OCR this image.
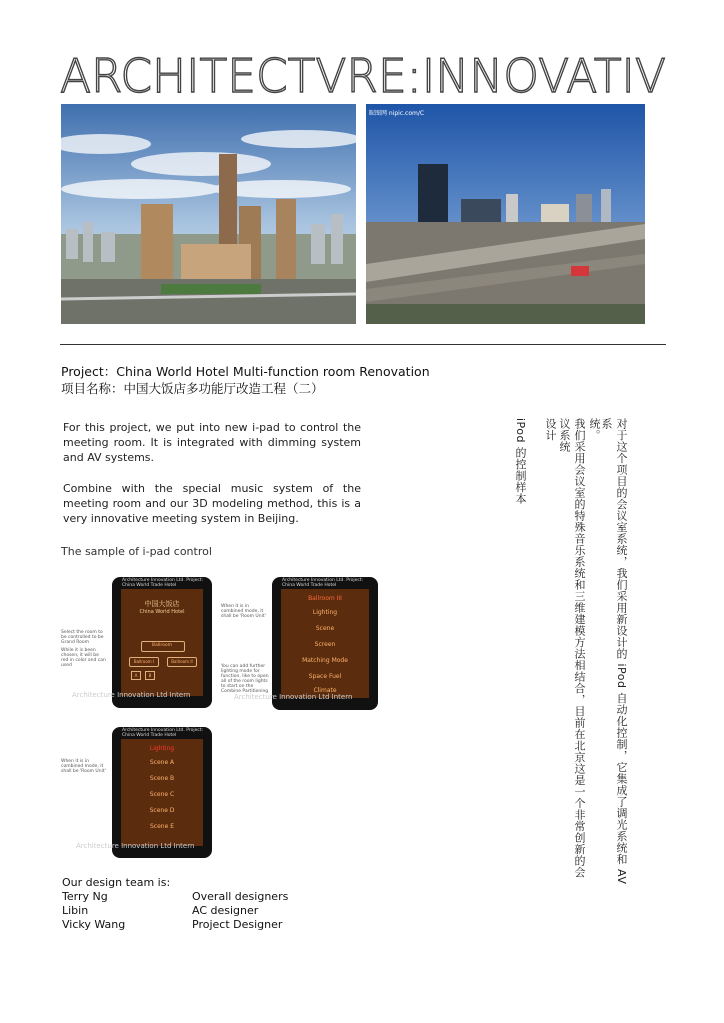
ARCHITECTVRE:INNOVATIV
昵图网 nipic.com/C
Project：China World Hotel Multi-function room Renovation
项目名称：中国大饭店多功能厅改造工程（二）
For this project, we put into new i-pad to control the meeting room. It is integrated with dimming system and AV systems.
Combine with the special music system of the meeting room and our 3D modeling method, this is a very innovative meeting system in Beijing.
The sample of i-pad control
中国大饭店
China World Hotel
Ballroom
Ballroom I	Ballroom II
A	B
Architecture Innovation Ltd. Project: China World Trade Hotel
Select the room to be controlled to be Grand Room
While it is been chosen, it will be red in color and can used
Architecture Innovation Ltd Intern
Ballroom III
Lighting
Scene
Screen
Matching Mode
Space Fuel
Climate
Architecture Innovation Ltd. Project: China World Trade Hotel
When it is in combined mode, it shall be 'Room Unit'
You can add further lighting mode for function, like to open all of the room lights to start on the Combine Partitioning
Architecture Innovation Ltd Intern
Lighting
Scene A
Scene B
Scene C
Scene D
Scene E
Architecture Innovation Ltd. Project: China World Trade Hotel
When it is in combined mode, it shall be 'Room Unit'
Architecture Innovation Ltd Intern
Our design team is:
Terry Ng	Overall designers
Libin	AC designer
Vicky Wang	Project Designer
对于这个项目的会议室系统，我们采用新设计的 iPod 自动化控制，它集成了调光系统和 AV 系
统。
我们采用会议室的特殊音乐系统和三维建模方法相结合，目前在北京这是一个非常创新的会议系统
设计
iPod 的控制样本
